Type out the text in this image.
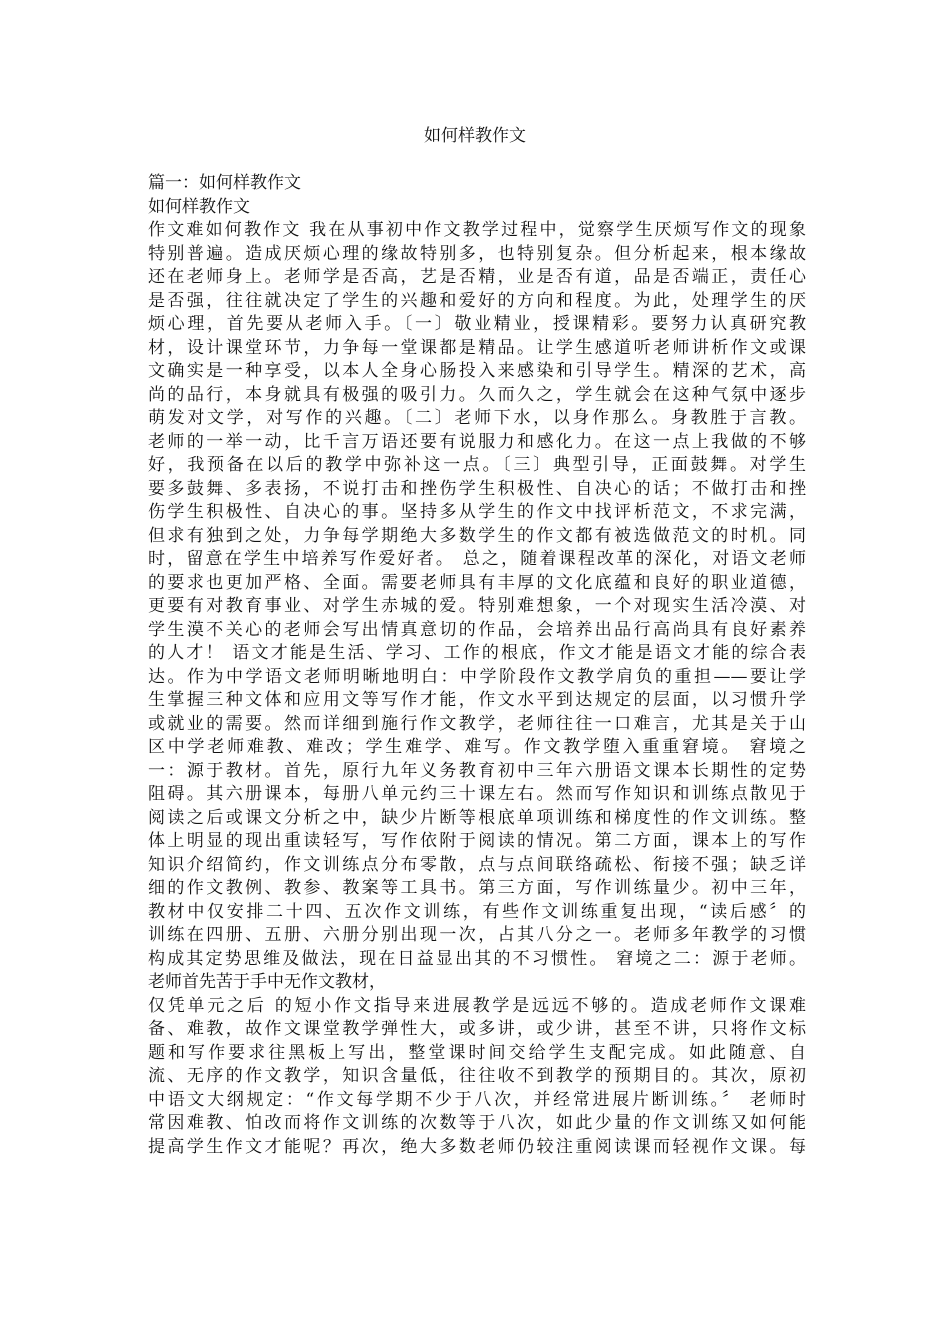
如何样教作文
篇一：如何样教作文
如何样教作文
作文难如何教作文 我在从事初中作文教学过程中，觉察学生厌烦写作文的现象
特别普遍。造成厌烦心理的缘故特别多，也特别复杂。但分析起来，根本缘故
还在老师身上。老师学是否高，艺是否精，业是否有道，品是否端正，责任心
是否强，往往就决定了学生的兴趣和爱好的方向和程度。为此，处理学生的厌
烦心理，首先要从老师入手。〔一〕敬业精业，授课精彩。要努力认真研究教
材，设计课堂环节，力争每一堂课都是精品。让学生感道听老师讲析作文或课
文确实是一种享受，以本人全身心肠投入来感染和引导学生。精深的艺术，高
尚的品行，本身就具有极强的吸引力。久而久之，学生就会在这种气氛中逐步
萌发对文学，对写作的兴趣。〔二〕老师下水，以身作那么。身教胜于言教。
老师的一举一动，比千言万语还要有说服力和感化力。在这一点上我做的不够
好，我预备在以后的教学中弥补这一点。〔三〕典型引导，正面鼓舞。对学生
要多鼓舞、多表扬，不说打击和挫伤学生积极性、自决心的话；不做打击和挫
伤学生积极性、自决心的事。坚持多从学生的作文中找评析范文，不求完满，
但求有独到之处，力争每学期绝大多数学生的作文都有被选做范文的时机。同
时，留意在学生中培养写作爱好者。 总之，随着课程改革的深化，对语文老师
的要求也更加严格、全面。需要老师具有丰厚的文化底蕴和良好的职业道德，
更要有对教育事业、对学生赤城的爱。特别难想象，一个对现实生活冷漠、对
学生漠不关心的老师会写出情真意切的作品，会培养出品行高尚具有良好素养
的人才！ 语文才能是生活、学习、工作的根底，作文才能是语文才能的综合表
达。作为中学语文老师明晰地明白：中学阶段作文教学肩负的重担——要让学
生掌握三种文体和应用文等写作才能，作文水平到达规定的层面，以习惯升学
或就业的需要。然而详细到施行作文教学，老师往往一口难言，尤其是关于山
区中学老师难教、难改；学生难学、难写。作文教学堕入重重窘境。 窘境之
一：源于教材。首先，原行九年义务教育初中三年六册语文课本长期性的定势
阻碍。其六册课本，每册八单元约三十课左右。然而写作知识和训练点散见于
阅读之后或课文分析之中，缺少片断等根底单项训练和梯度性的作文训练。整
体上明显的现出重读轻写，写作依附于阅读的情况。第二方面，课本上的写作
知识介绍简约，作文训练点分布零散，点与点间联络疏松、衔接不强；缺乏详
细的作文教例、教参、教案等工具书。第三方面，写作训练量少。初中三年，
教材中仅安排二十四、五次作文训练，有些作文训练重复出现，“读后感〞的
训练在四册、五册、六册分别出现一次，占其八分之一。老师多年教学的习惯
构成其定势思维及做法，现在日益显出其的不习惯性。 窘境之二：源于老师。
老师首先苦于手中无作文教材，
仅凭单元之后 的短小作文指导来进展教学是远远不够的。造成老师作文课难
备、难教，故作文课堂教学弹性大，或多讲，或少讲，甚至不讲，只将作文标
题和写作要求往黑板上写出，整堂课时间交给学生支配完成。如此随意、自
流、无序的作文教学，知识含量低，往往收不到教学的预期目的。其次，原初
中语文大纲规定：“作文每学期不少于八次，并经常进展片断训练。〞 老师时
常因难教、怕改而将作文训练的次数等于八次，如此少量的作文训练又如何能
提高学生作文才能呢？再次，绝大多数老师仍较注重阅读课而轻视作文课。每
